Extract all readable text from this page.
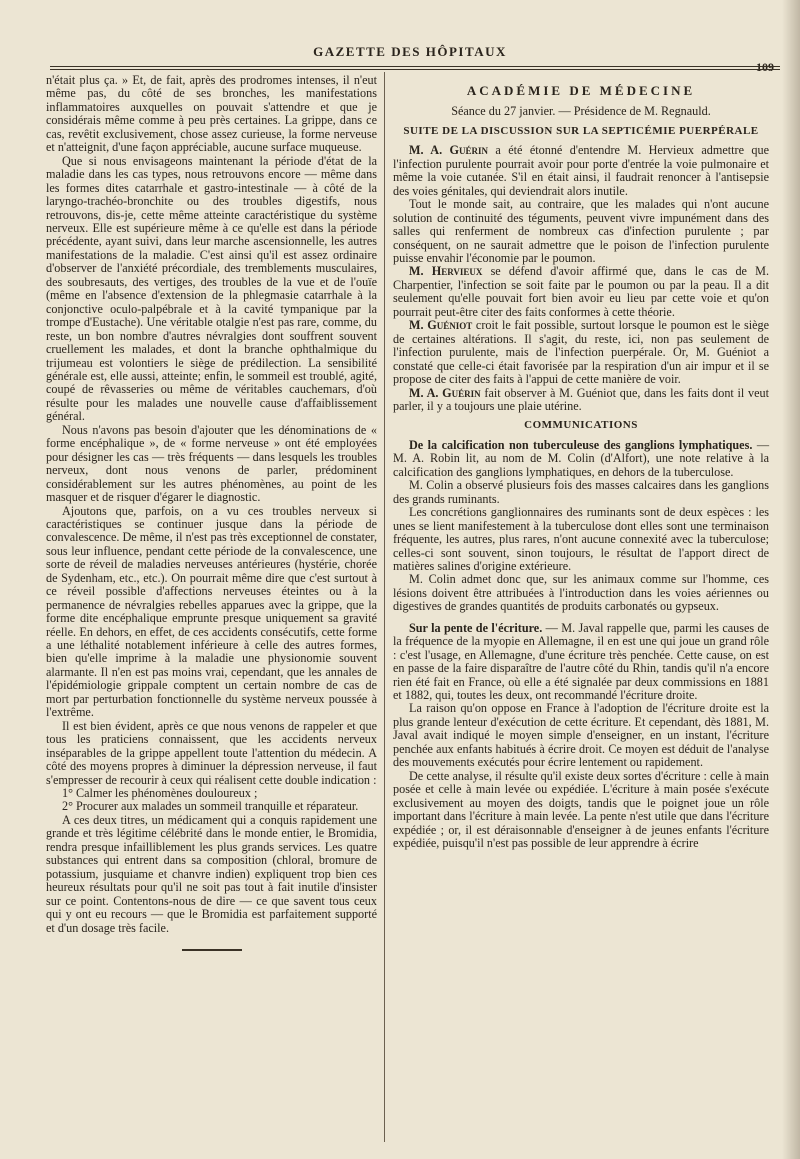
GAZETTE DES HÔPITAUX
109

n'était plus ça. » Et, de fait, après des prodromes intenses, il n'eut même pas, du côté de ses bronches, les manifestations inflammatoires auxquelles on pouvait s'attendre et que je considérais même comme à peu près certaines. La grippe, dans ce cas, revêtit exclusivement, chose assez curieuse, la forme nerveuse et n'atteignit, d'une façon appréciable, aucune surface muqueuse.

Que si nous envisageons maintenant la période d'état de la maladie dans les cas types, nous retrouvons encore — même dans les formes dites catarrhale et gastro-intestinale — à côté de la laryngo-trachéo-bronchite ou des troubles digestifs, nous retrouvons, dis-je, cette même atteinte caractéristique du système nerveux. Elle est supérieure même à ce qu'elle est dans la période précédente, ayant suivi, dans leur marche ascensionnelle, les autres manifestations de la maladie. C'est ainsi qu'il est assez ordinaire d'observer de l'anxiété précordiale, des tremblements musculaires, des soubresauts, des vertiges, des troubles de la vue et de l'ouïe (même en l'absence d'extension de la phlegmasie catarrhale à la conjonctive oculo-palpébrale et à la cavité tympanique par la trompe d'Eustache). Une véritable otalgie n'est pas rare, comme, du reste, un bon nombre d'autres névralgies dont souffrent souvent cruellement les malades, et dont la branche ophthalmique du trijumeau est volontiers le siège de prédilection. La sensibilité générale est, elle aussi, atteinte; enfin, le sommeil est troublé, agité, coupé de rêvasseries ou même de véritables cauchemars, d'où résulte pour les malades une nouvelle cause d'affaiblissement général.

Nous n'avons pas besoin d'ajouter que les dénominations de « forme encéphalique », de « forme nerveuse » ont été employées pour désigner les cas — très fréquents — dans lesquels les troubles nerveux, dont nous venons de parler, prédominent considérablement sur les autres phénomènes, au point de les masquer et de risquer d'égarer le diagnostic.

Ajoutons que, parfois, on a vu ces troubles nerveux si caractéristiques se continuer jusque dans la période de convalescence. De même, il n'est pas très exceptionnel de constater, sous leur influence, pendant cette période de la convalescence, une sorte de réveil de maladies nerveuses antérieures (hystérie, chorée de Sydenham, etc., etc.). On pourrait même dire que c'est surtout à ce réveil possible d'affections nerveuses éteintes ou à la permanence de névralgies rebelles apparues avec la grippe, que la forme dite encéphalique emprunte presque uniquement sa gravité réelle. En dehors, en effet, de ces accidents consécutifs, cette forme a une léthalité notablement inférieure à celle des autres formes, bien qu'elle imprime à la maladie une physionomie souvent alarmante. Il n'en est pas moins vrai, cependant, que les annales de l'épidémiologie grippale comptent un certain nombre de cas de mort par perturbation fonctionnelle du système nerveux poussée à l'extrême.

Il est bien évident, après ce que nous venons de rappeler et que tous les praticiens connaissent, que les accidents nerveux inséparables de la grippe appellent toute l'attention du médecin. A côté des moyens propres à diminuer la dépression nerveuse, il faut s'empresser de recourir à ceux qui réalisent cette double indication :

1° Calmer les phénomènes douloureux ;

2° Procurer aux malades un sommeil tranquille et réparateur.

A ces deux titres, un médicament qui a conquis rapidement une grande et très légitime célébrité dans le monde entier, le Bromidia, rendra presque infailliblement les plus grands services. Les quatre substances qui entrent dans sa composition (chloral, bromure de potassium, jusquiame et chanvre indien) expliquent trop bien ces heureux résultats pour qu'il ne soit pas tout à fait inutile d'insister sur ce point. Contentons-nous de dire — ce que savent tous ceux qui y ont eu recours — que le Bromidia est parfaitement supporté et d'un dosage très facile.

ACADÉMIE DE MÉDECINE
Séance du 27 janvier. — Présidence de M. Regnauld.
SUITE DE LA DISCUSSION SUR LA SEPTICÉMIE PUERPÉRALE

M. A. Guérin a été étonné d'entendre M. Hervieux admettre que l'infection purulente pourrait avoir pour porte d'entrée la voie pulmonaire et même la voie cutanée. S'il en était ainsi, il faudrait renoncer à l'antisepsie des voies génitales, qui deviendrait alors inutile.

Tout le monde sait, au contraire, que les malades qui n'ont aucune solution de continuité des téguments, peuvent vivre impunément dans des salles qui renferment de nombreux cas d'infection purulente ; par conséquent, on ne saurait admettre que le poison de l'infection purulente puisse envahir l'économie par le poumon.

M. Hervieux se défend d'avoir affirmé que, dans le cas de M. Charpentier, l'infection se soit faite par le poumon ou par la peau. Il a dit seulement qu'elle pouvait fort bien avoir eu lieu par cette voie et qu'on pourrait peut-être citer des faits conformes à cette théorie.

M. Guéniot croit le fait possible, surtout lorsque le poumon est le siège de certaines altérations. Il s'agit, du reste, ici, non pas seulement de l'infection purulente, mais de l'infection puerpérale. Or, M. Guéniot a constaté que celle-ci était favorisée par la respiration d'un air impur et il se propose de citer des faits à l'appui de cette manière de voir.

M. A. Guérin fait observer à M. Guéniot que, dans les faits dont il veut parler, il y a toujours une plaie utérine.

COMMUNICATIONS

De la calcification non tuberculeuse des ganglions lymphatiques. — M. A. Robin lit, au nom de M. Colin (d'Alfort), une note relative à la calcification des ganglions lymphatiques, en dehors de la tuberculose.

M. Colin a observé plusieurs fois des masses calcaires dans les ganglions des grands ruminants.

Les concrétions ganglionnaires des ruminants sont de deux espèces : les unes se lient manifestement à la tuberculose dont elles sont une terminaison fréquente, les autres, plus rares, n'ont aucune connexité avec la tuberculose; celles-ci sont souvent, sinon toujours, le résultat de l'apport direct de matières salines d'origine extérieure.

M. Colin admet donc que, sur les animaux comme sur l'homme, ces lésions doivent être attribuées à l'introduction dans les voies aériennes ou digestives de grandes quantités de produits carbonatés ou gypseux.

Sur la pente de l'écriture. — M. Javal rappelle que, parmi les causes de la fréquence de la myopie en Allemagne, il en est une qui joue un grand rôle : c'est l'usage, en Allemagne, d'une écriture très penchée. Cette cause, on est en passe de la faire disparaître de l'autre côté du Rhin, tandis qu'il n'a encore rien été fait en France, où elle a été signalée par deux commissions en 1881 et 1882, qui, toutes les deux, ont recommandé l'écriture droite.

La raison qu'on oppose en France à l'adoption de l'écriture droite est la plus grande lenteur d'exécution de cette écriture. Et cependant, dès 1881, M. Javal avait indiqué le moyen simple d'enseigner, en un instant, l'écriture penchée aux enfants habitués à écrire droit. Ce moyen est déduit de l'analyse des mouvements exécutés pour écrire lentement ou rapidement.

De cette analyse, il résulte qu'il existe deux sortes d'écriture : celle à main posée et celle à main levée ou expédiée. L'écriture à main posée s'exécute exclusivement au moyen des doigts, tandis que le poignet joue un rôle important dans l'écriture à main levée. La pente n'est utile que dans l'écriture expédiée ; or, il est déraisonnable d'enseigner à de jeunes enfants l'écriture expédiée, puisqu'il n'est pas possible de leur apprendre à écrire
